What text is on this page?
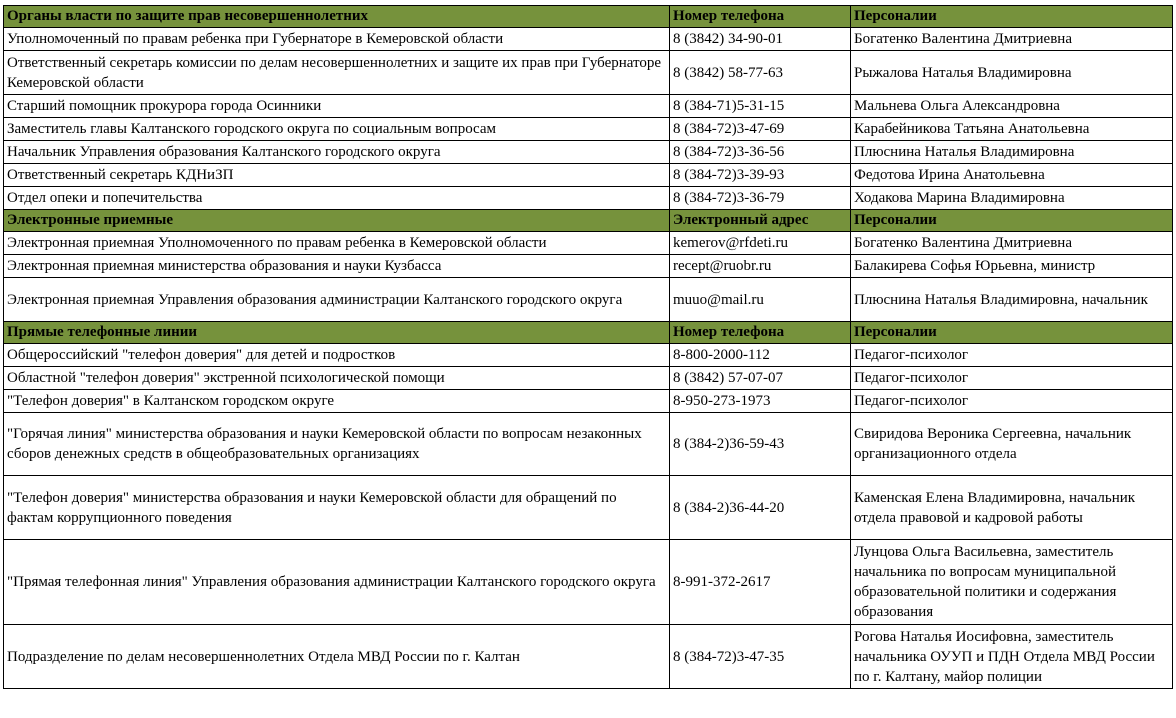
Органы власти по защите прав несовершеннолетних	Номер телефона	Персоналии
Уполномоченный по правам ребенка при Губернаторе в Кемеровской области	8 (3842) 34-90-01	Богатенко Валентина Дмитриевна
Ответственный секретарь комиссии по делам несовершеннолетних и защите их прав при Губернаторе Кемеровской области	8 (3842) 58-77-63	Рыжалова Наталья Владимировна
Старший помощник прокурора города Осинники	8 (384-71)5-31-15	Мальнева Ольга Александровна
Заместитель главы Калтанского городского округа по социальным вопросам	8 (384-72)3-47-69	Карабейникова Татьяна Анатольевна
Начальник Управления образования Калтанского городского округа	8 (384-72)3-36-56	Плюснина Наталья Владимировна
Ответственный секретарь КДНиЗП	8 (384-72)3-39-93	Федотова Ирина Анатольевна
Отдел опеки и попечительства	8 (384-72)3-36-79	Ходакова Марина Владимировна
Электронные приемные	Электронный адрес	Персоналии
Электронная приемная Уполномоченного по правам ребенка в Кемеровской области	kemerov@rfdeti.ru	Богатенко Валентина Дмитриевна
Электронная приемная министерства образования и науки Кузбасса	recept@ruobr.ru	Балакирева Софья Юрьевна, министр
Электронная приемная Управления образования администрации Калтанского городского округа	muuo@mail.ru	Плюснина Наталья Владимировна, начальник
Прямые телефонные линии	Номер телефона	Персоналии
Общероссийский "телефон доверия" для детей и подростков	8-800-2000-112	Педагог-психолог
Областной "телефон доверия" экстренной психологической помощи	8 (3842) 57-07-07	Педагог-психолог
"Телефон доверия" в Калтанском городском округе	8-950-273-1973	Педагог-психолог
"Горячая линия" министерства образования и науки Кемеровской области по вопросам незаконных сборов денежных средств в общеобразовательных организациях	8 (384-2)36-59-43	Свиридова Вероника Сергеевна, начальник организационного отдела
"Телефон доверия" министерства образования и науки Кемеровской области для обращений по фактам коррупционного поведения	8 (384-2)36-44-20	Каменская Елена Владимировна, начальник отдела правовой и кадровой работы
"Прямая телефонная линия" Управления образования администрации Калтанского городского округа	8-991-372-2617	Лунцова Ольга Васильевна, заместитель начальника по вопросам муниципальной образовательной политики и содержания образования
Подразделение по делам несовершеннолетних Отдела МВД России по г. Калтан	8 (384-72)3-47-35	Рогова Наталья Иосифовна, заместитель начальника ОУУП и ПДН Отдела МВД России по г. Калтану, майор полиции
